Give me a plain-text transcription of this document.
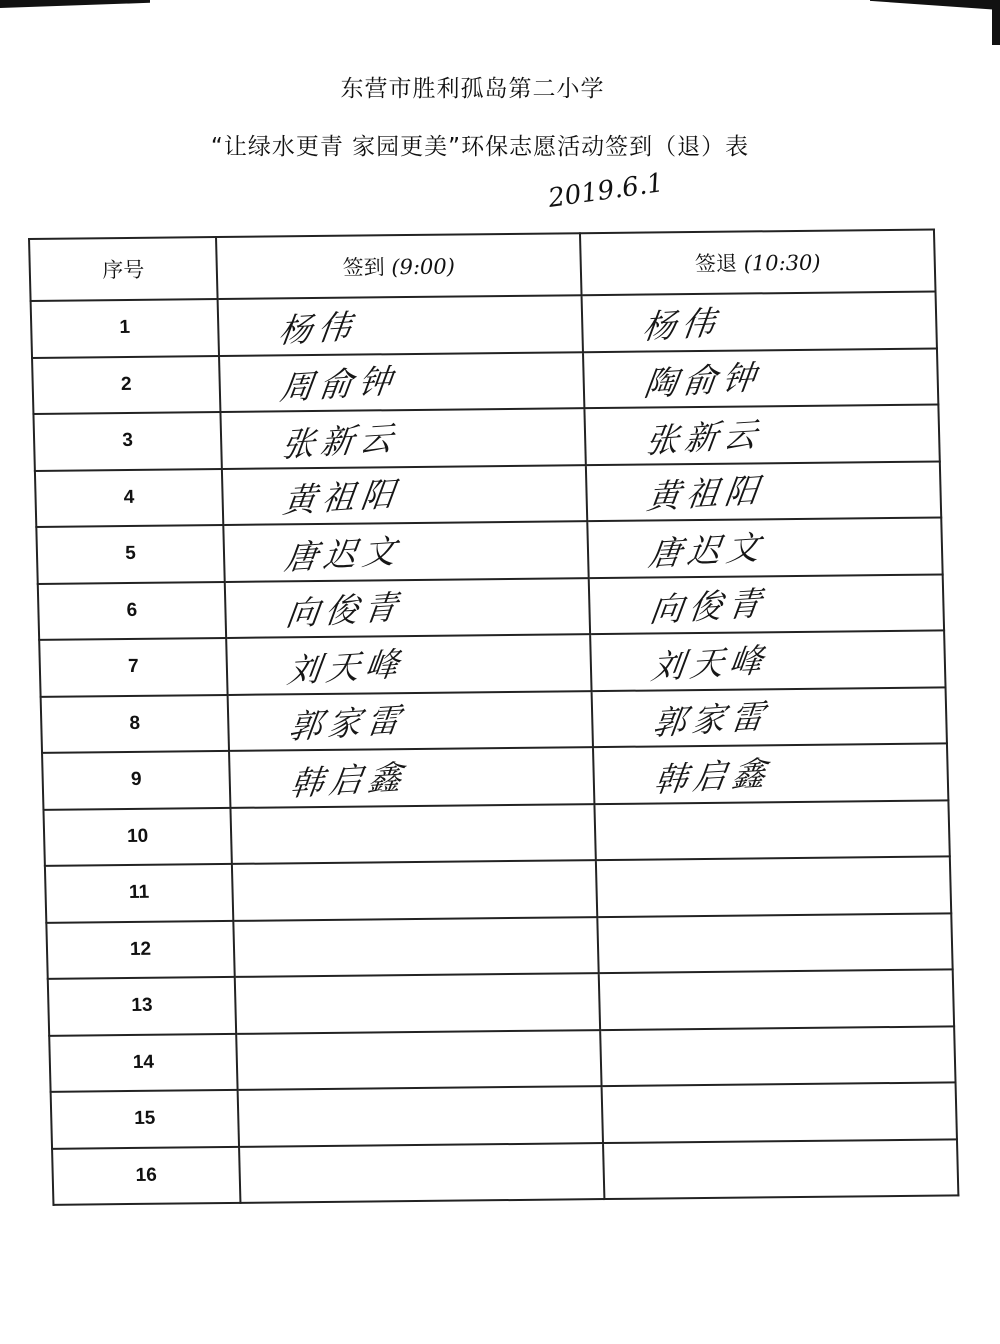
东营市胜利孤岛第二小学
“让绿水更青 家园更美”环保志愿活动签到（退）表
2019.6.1
序号	签到 (9:00)	签退 (10:30)
1	杨伟	杨伟
2	周俞钟	陶俞钟
3	张新云	张新云
4	黄祖阳	黄祖阳
5	唐迟文	唐迟文
6	向俊青	向俊青
7	刘天峰	刘天峰
8	郭家雷	郭家雷
9	韩启鑫	韩启鑫
10		
11		
12		
13		
14		
15		
16		
